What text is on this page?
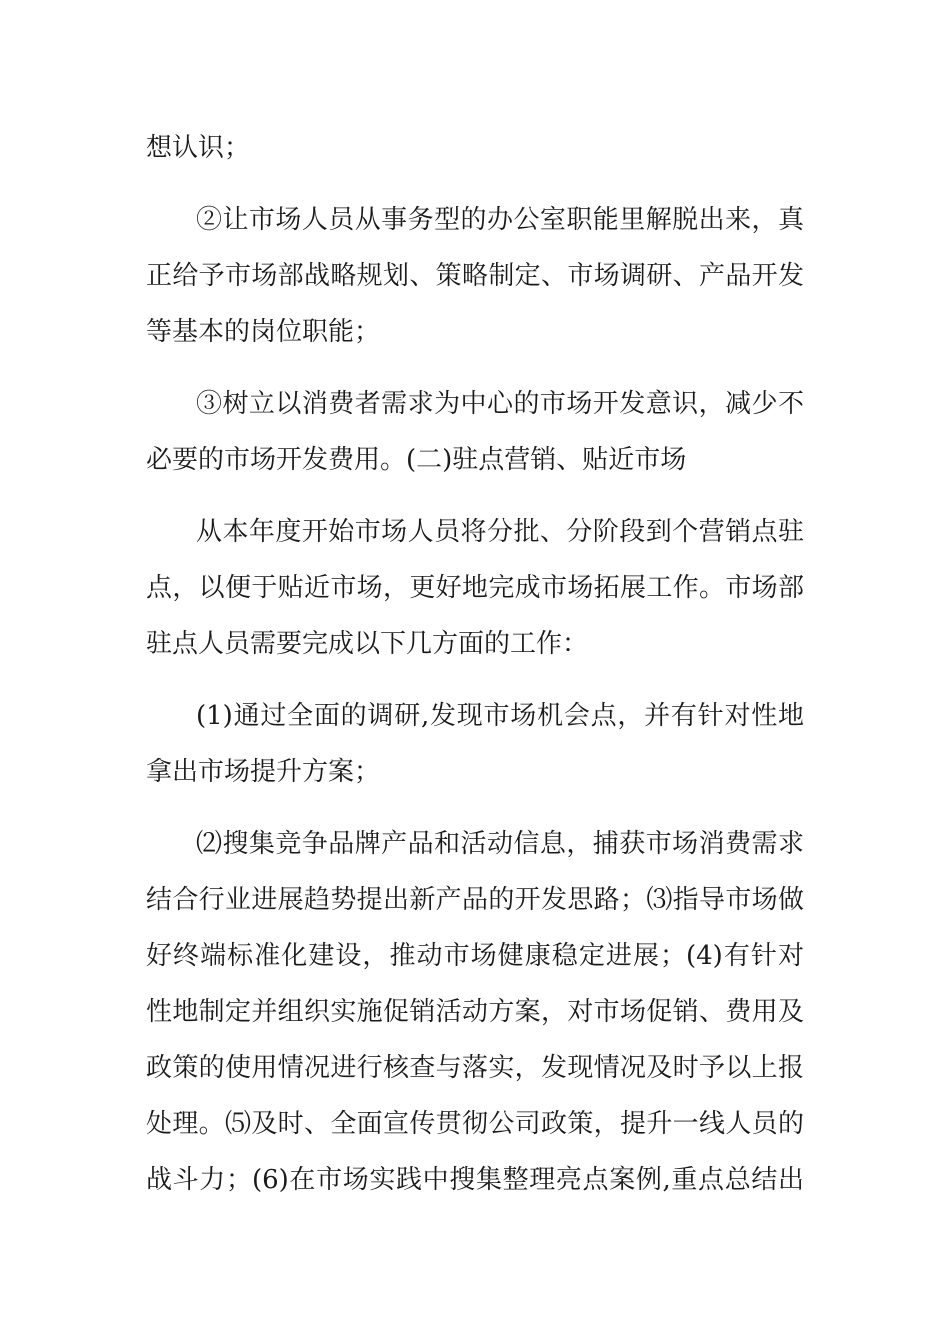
想认识；
②让市场人员从事务型的办公室职能里解脱出来，真
正给予市场部战略规划、策略制定、市场调研、产品开发
等基本的岗位职能；
③树立以消费者需求为中心的市场开发意识，减少不
必要的市场开发费用。(二)驻点营销、贴近市场
从本年度开始市场人员将分批、分阶段到个营销点驻
点，以便于贴近市场，更好地完成市场拓展工作。市场部
驻点人员需要完成以下几方面的工作：
(1)通过全面的调研,发现市场机会点，并有针对性地
拿出市场提升方案；
⑵搜集竞争品牌产品和活动信息，捕获市场消费需求
结合行业进展趋势提出新产品的开发思路；⑶指导市场做
好终端标准化建设，推动市场健康稳定进展；(4)有针对
性地制定并组织实施促销活动方案，对市场促销、费用及
政策的使用情况进行核查与落实，发现情况及时予以上报
处理。⑸及时、全面宣传贯彻公司政策，提升一线人员的
战斗力；(6)在市场实践中搜集整理亮点案例,重点总结出
